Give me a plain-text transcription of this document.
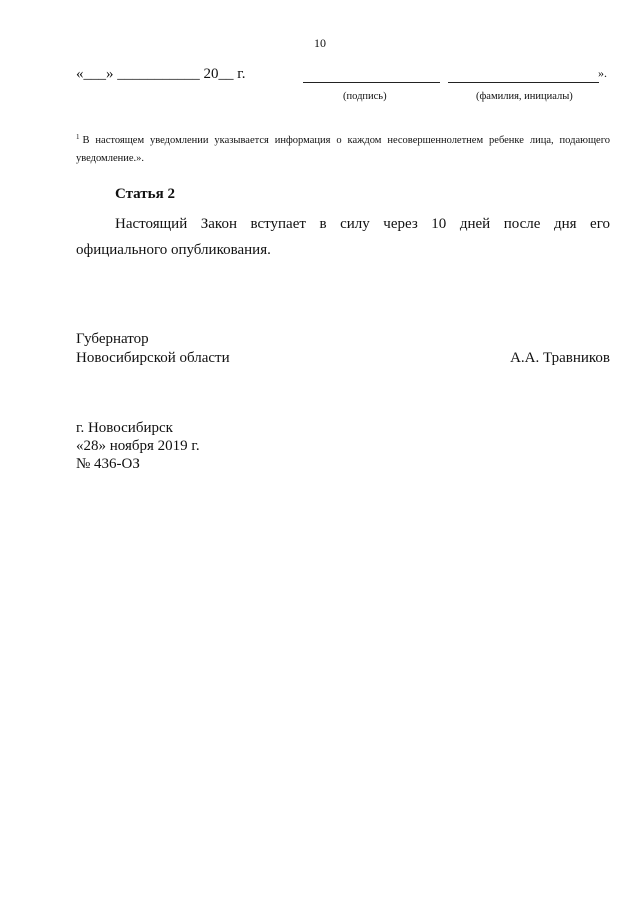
10
«___» ___________ 20__ г.	».
(подпись)	(фамилия, инициалы)
$^1$ В настоящем уведомлении указывается информация о каждом несовершеннолетнем ребенке лица, подающего
уведомление.».
Статья 2
Настоящий Закон вступает в силу через 10 дней после дня его
официального опубликования.
Губернатор
Новосибирской области	А.А. Травников
г. Новосибирск
«28» ноября 2019 г.
№ 436-ОЗ
